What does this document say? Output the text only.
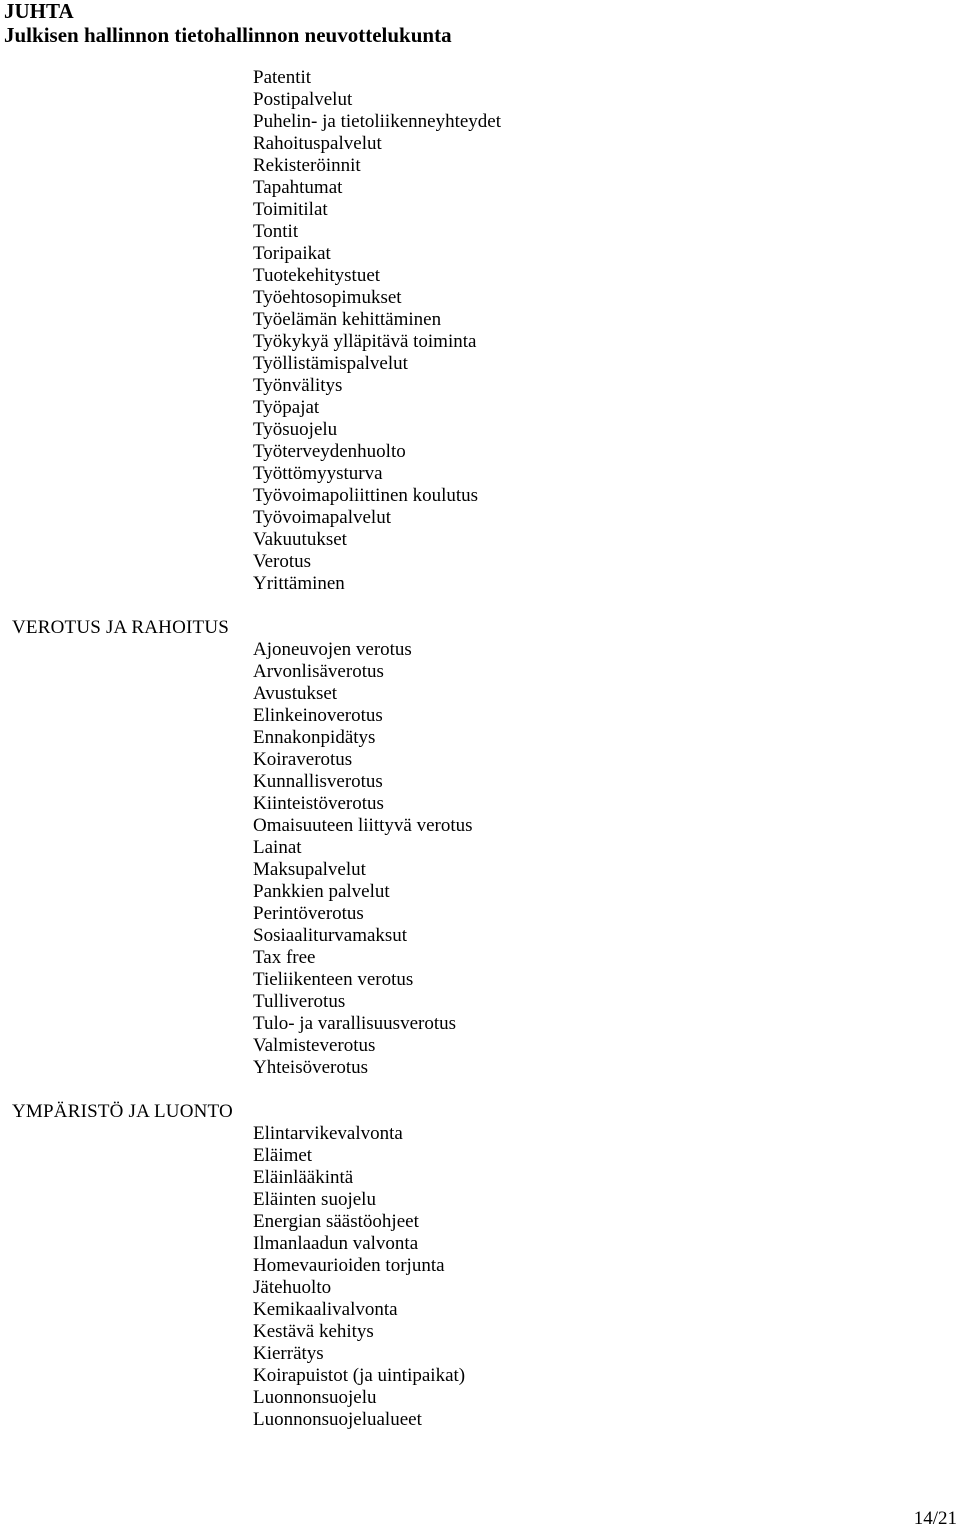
JUHTA
Julkisen hallinnon tietohallinnon neuvottelukunta
Patentit
Postipalvelut
Puhelin- ja tietoliikenneyhteydet
Rahoituspalvelut
Rekisteröinnit
Tapahtumat
Toimitilat
Tontit
Toripaikat
Tuotekehitystuet
Työehtosopimukset
Työelämän kehittäminen
Työkykyä ylläpitävä toiminta
Työllistämispalvelut
Työnvälitys
Työpajat
Työsuojelu
Työterveydenhuolto
Työttömyysturva
Työvoimapoliittinen koulutus
Työvoimapalvelut
Vakuutukset
Verotus
Yrittäminen
VEROTUS JA RAHOITUS
Ajoneuvojen verotus
Arvonlisäverotus
Avustukset
Elinkeinoverotus
Ennakonpidätys
Koiraverotus
Kunnallisverotus
Kiinteistöverotus
Omaisuuteen liittyvä verotus
Lainat
Maksupalvelut
Pankkien palvelut
Perintöverotus
Sosiaaliturvamaksut
Tax free
Tieliikenteen verotus
Tulliverotus
Tulo- ja varallisuusverotus
Valmisteverotus
Yhteisöverotus
YMPÄRISTÖ JA LUONTO
Elintarvikevalvonta
Eläimet
Eläinlääkintä
Eläinten suojelu
Energian säästöohjeet
Ilmanlaadun valvonta
Homevaurioiden torjunta
Jätehuolto
Kemikaalivalvonta
Kestävä kehitys
Kierrätys
Koirapuistot (ja uintipaikat)
Luonnonsuojelu
Luonnonsuojelualueet
14/21
